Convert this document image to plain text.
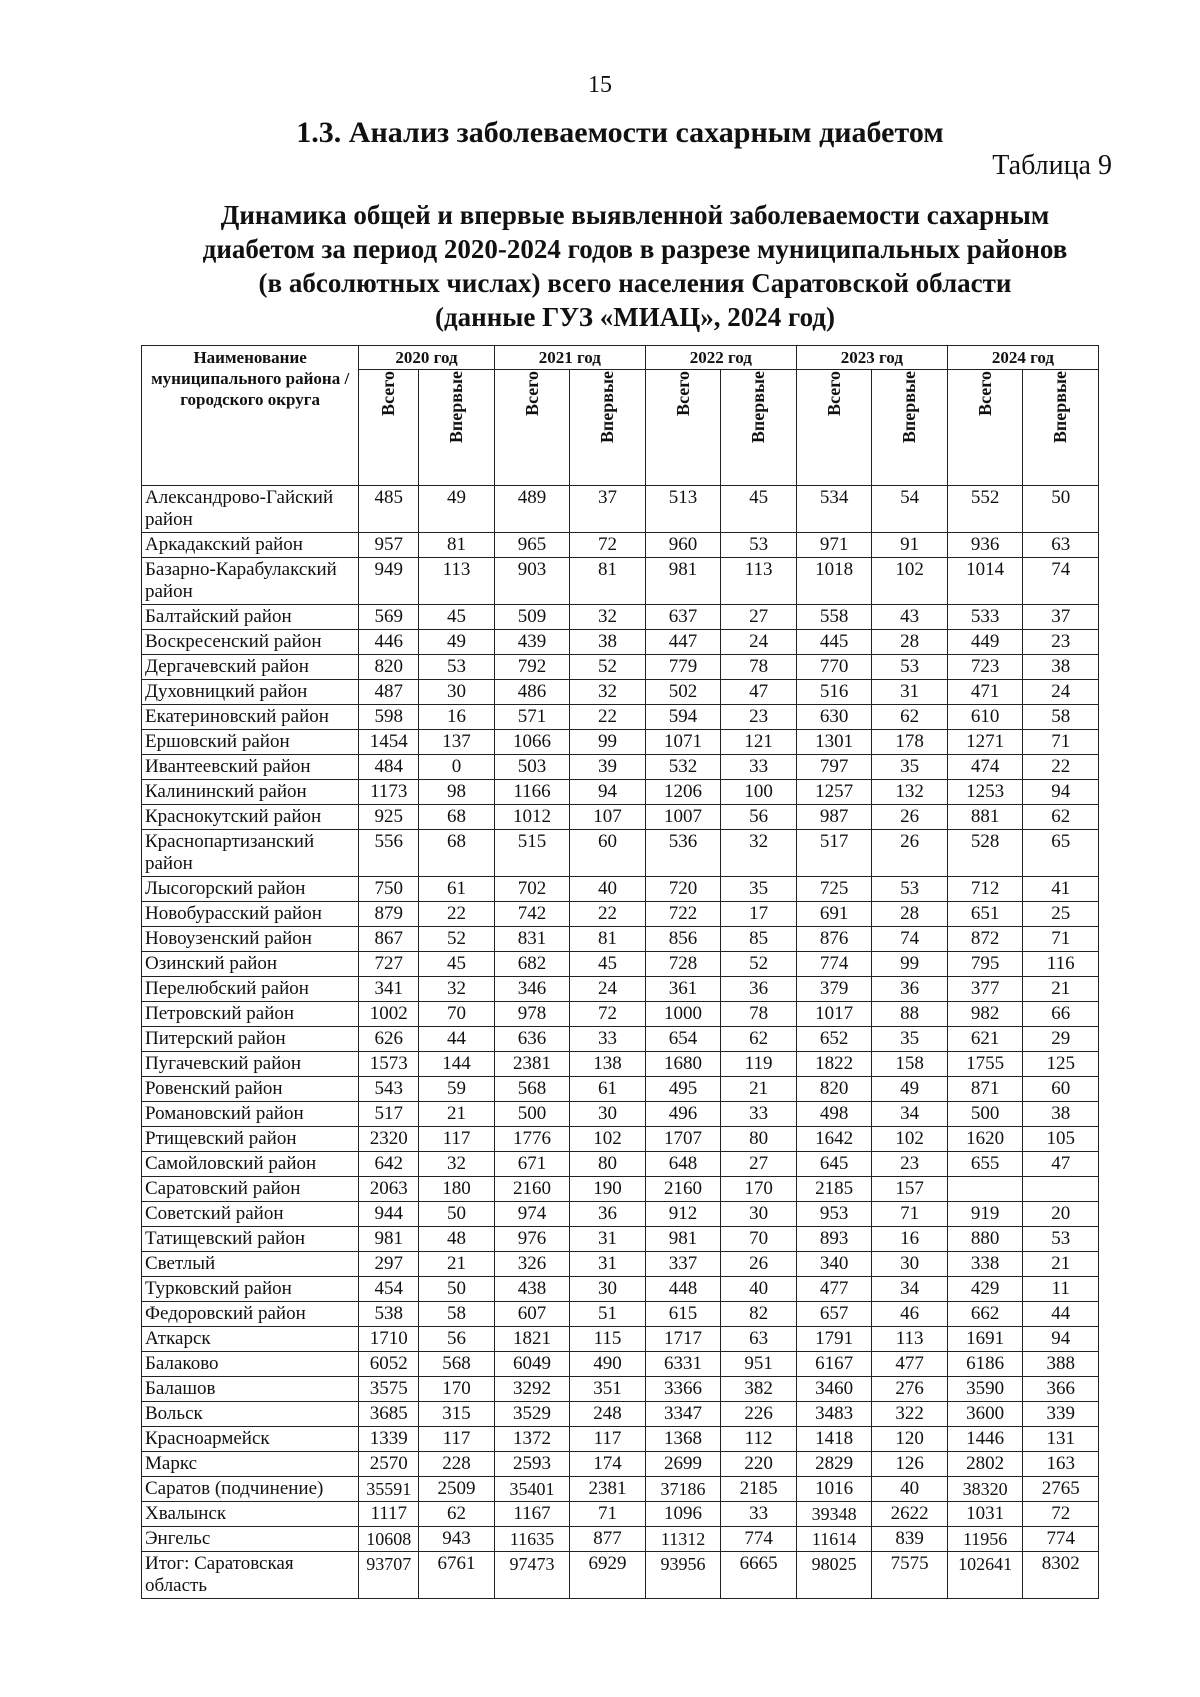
15
1.3. Анализ заболеваемости сахарным диабетом
Таблица 9
Динамика общей и впервые выявленной заболеваемости сахарным
диабетом за период 2020-2024 годов в разрезе муниципальных районов
(в абсолютных числах) всего населения Саратовской области
(данные ГУЗ «МИАЦ», 2024 год)
Наименование муниципального района / городского округа	2020 год		2021 год		2022 год		2023 год		2024 год	
	Всего	Впервые	Всего	Впервые	Всего	Впервые	Всего	Впервые	Всего	Впервые
Александрово-Гайский район	485	49	489	37	513	45	534	54	552	50
Аркадакский район	957	81	965	72	960	53	971	91	936	63
Базарно-Карабулакский район	949	113	903	81	981	113	1018	102	1014	74
Балтайский район	569	45	509	32	637	27	558	43	533	37
Воскресенский район	446	49	439	38	447	24	445	28	449	23
Дергачевский район	820	53	792	52	779	78	770	53	723	38
Духовницкий район	487	30	486	32	502	47	516	31	471	24
Екатериновский район	598	16	571	22	594	23	630	62	610	58
Ершовский район	1454	137	1066	99	1071	121	1301	178	1271	71
Ивантеевский район	484	0	503	39	532	33	797	35	474	22
Калининский район	1173	98	1166	94	1206	100	1257	132	1253	94
Краснокутский район	925	68	1012	107	1007	56	987	26	881	62
Краснопартизанский район	556	68	515	60	536	32	517	26	528	65
Лысогорский район	750	61	702	40	720	35	725	53	712	41
Новобурасский район	879	22	742	22	722	17	691	28	651	25
Новоузенский район	867	52	831	81	856	85	876	74	872	71
Озинский район	727	45	682	45	728	52	774	99	795	116
Перелюбский район	341	32	346	24	361	36	379	36	377	21
Петровский район	1002	70	978	72	1000	78	1017	88	982	66
Питерский район	626	44	636	33	654	62	652	35	621	29
Пугачевский район	1573	144	2381	138	1680	119	1822	158	1755	125
Ровенский район	543	59	568	61	495	21	820	49	871	60
Романовский район	517	21	500	30	496	33	498	34	500	38
Ртищевский район	2320	117	1776	102	1707	80	1642	102	1620	105
Самойловский район	642	32	671	80	648	27	645	23	655	47
Саратовский район	2063	180	2160	190	2160	170	2185	157		
Советский район	944	50	974	36	912	30	953	71	919	20
Татищевский район	981	48	976	31	981	70	893	16	880	53
Светлый	297	21	326	31	337	26	340	30	338	21
Турковский район	454	50	438	30	448	40	477	34	429	11
Федоровский район	538	58	607	51	615	82	657	46	662	44
Аткарск	1710	56	1821	115	1717	63	1791	113	1691	94
Балаково	6052	568	6049	490	6331	951	6167	477	6186	388
Балашов	3575	170	3292	351	3366	382	3460	276	3590	366
Вольск	3685	315	3529	248	3347	226	3483	322	3600	339
Красноармейск	1339	117	1372	117	1368	112	1418	120	1446	131
Маркс	2570	228	2593	174	2699	220	2829	126	2802	163
Саратов (подчинение)	35591	2509	35401	2381	37186	2185	1016	40	38320	2765
Хвалынск	1117	62	1167	71	1096	33	39348	2622	1031	72
Энгельс	10608	943	11635	877	11312	774	11614	839	11956	774
Итог: Саратовская область	93707	6761	97473	6929	93956	6665	98025	7575	102641	8302
